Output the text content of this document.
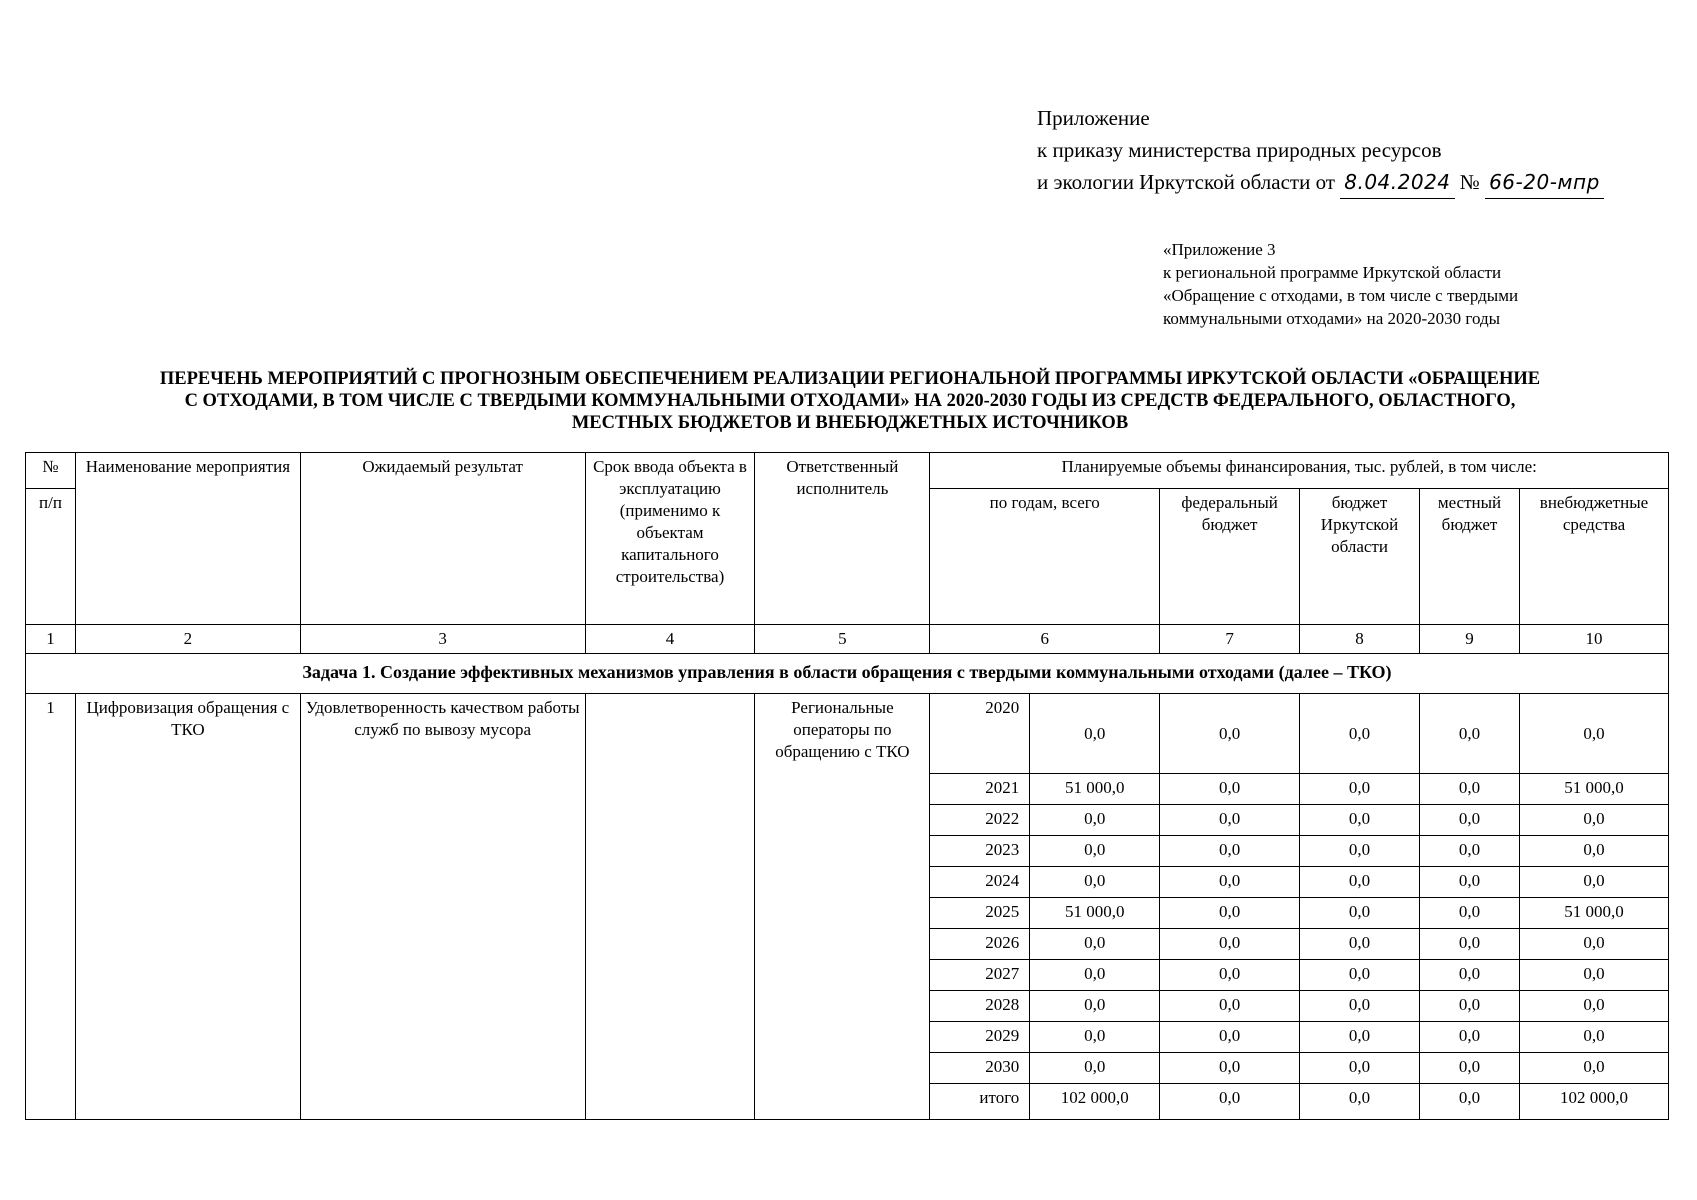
Приложение
к приказу министерства природных ресурсов
и экологии Иркутской области от 8.04.2024 № 66-20-мпр
«Приложение 3
к региональной программе Иркутской области
«Обращение с отходами, в том числе с твердыми
коммунальными отходами» на 2020-2030 годы
ПЕРЕЧЕНЬ МЕРОПРИЯТИЙ С ПРОГНОЗНЫМ ОБЕСПЕЧЕНИЕМ РЕАЛИЗАЦИИ РЕГИОНАЛЬНОЙ ПРОГРАММЫ ИРКУТСКОЙ ОБЛАСТИ «ОБРАЩЕНИЕ
С ОТХОДАМИ, В ТОМ ЧИСЛЕ С ТВЕРДЫМИ КОММУНАЛЬНЫМИ ОТХОДАМИ» НА 2020-2030 ГОДЫ ИЗ СРЕДСТВ ФЕДЕРАЛЬНОГО, ОБЛАСТНОГО,
МЕСТНЫХ БЮДЖЕТОВ И ВНЕБЮДЖЕТНЫХ ИСТОЧНИКОВ
№	Наименование мероприятия	Ожидаемый результат	Срок ввода объекта в эксплуатацию (применимо к объектам капитального строительства)	Ответственный исполнитель	Планируемые объемы финансирования, тыс. рублей, в том числе:					
п/п					по годам, всего		федеральный бюджет	бюджет Иркутской области	местный бюджет	внебюджетные средства
1	2	3	4	5	6		7	8	9	10
Задача 1. Создание эффективных механизмов управления в области обращения с твердыми коммунальными отходами (далее – ТКО)										
1	Цифровизация обращения с ТКО	Удовлетворенность качеством работы служб по вывозу мусора		Региональные операторы по обращению с ТКО	2020	0,0	0,0	0,0	0,0	0,0
					2021	51 000,0	0,0	0,0	0,0	51 000,0
					2022	0,0	0,0	0,0	0,0	0,0
					2023	0,0	0,0	0,0	0,0	0,0
					2024	0,0	0,0	0,0	0,0	0,0
					2025	51 000,0	0,0	0,0	0,0	51 000,0
					2026	0,0	0,0	0,0	0,0	0,0
					2027	0,0	0,0	0,0	0,0	0,0
					2028	0,0	0,0	0,0	0,0	0,0
					2029	0,0	0,0	0,0	0,0	0,0
					2030	0,0	0,0	0,0	0,0	0,0
					итого	102 000,0	0,0	0,0	0,0	102 000,0
